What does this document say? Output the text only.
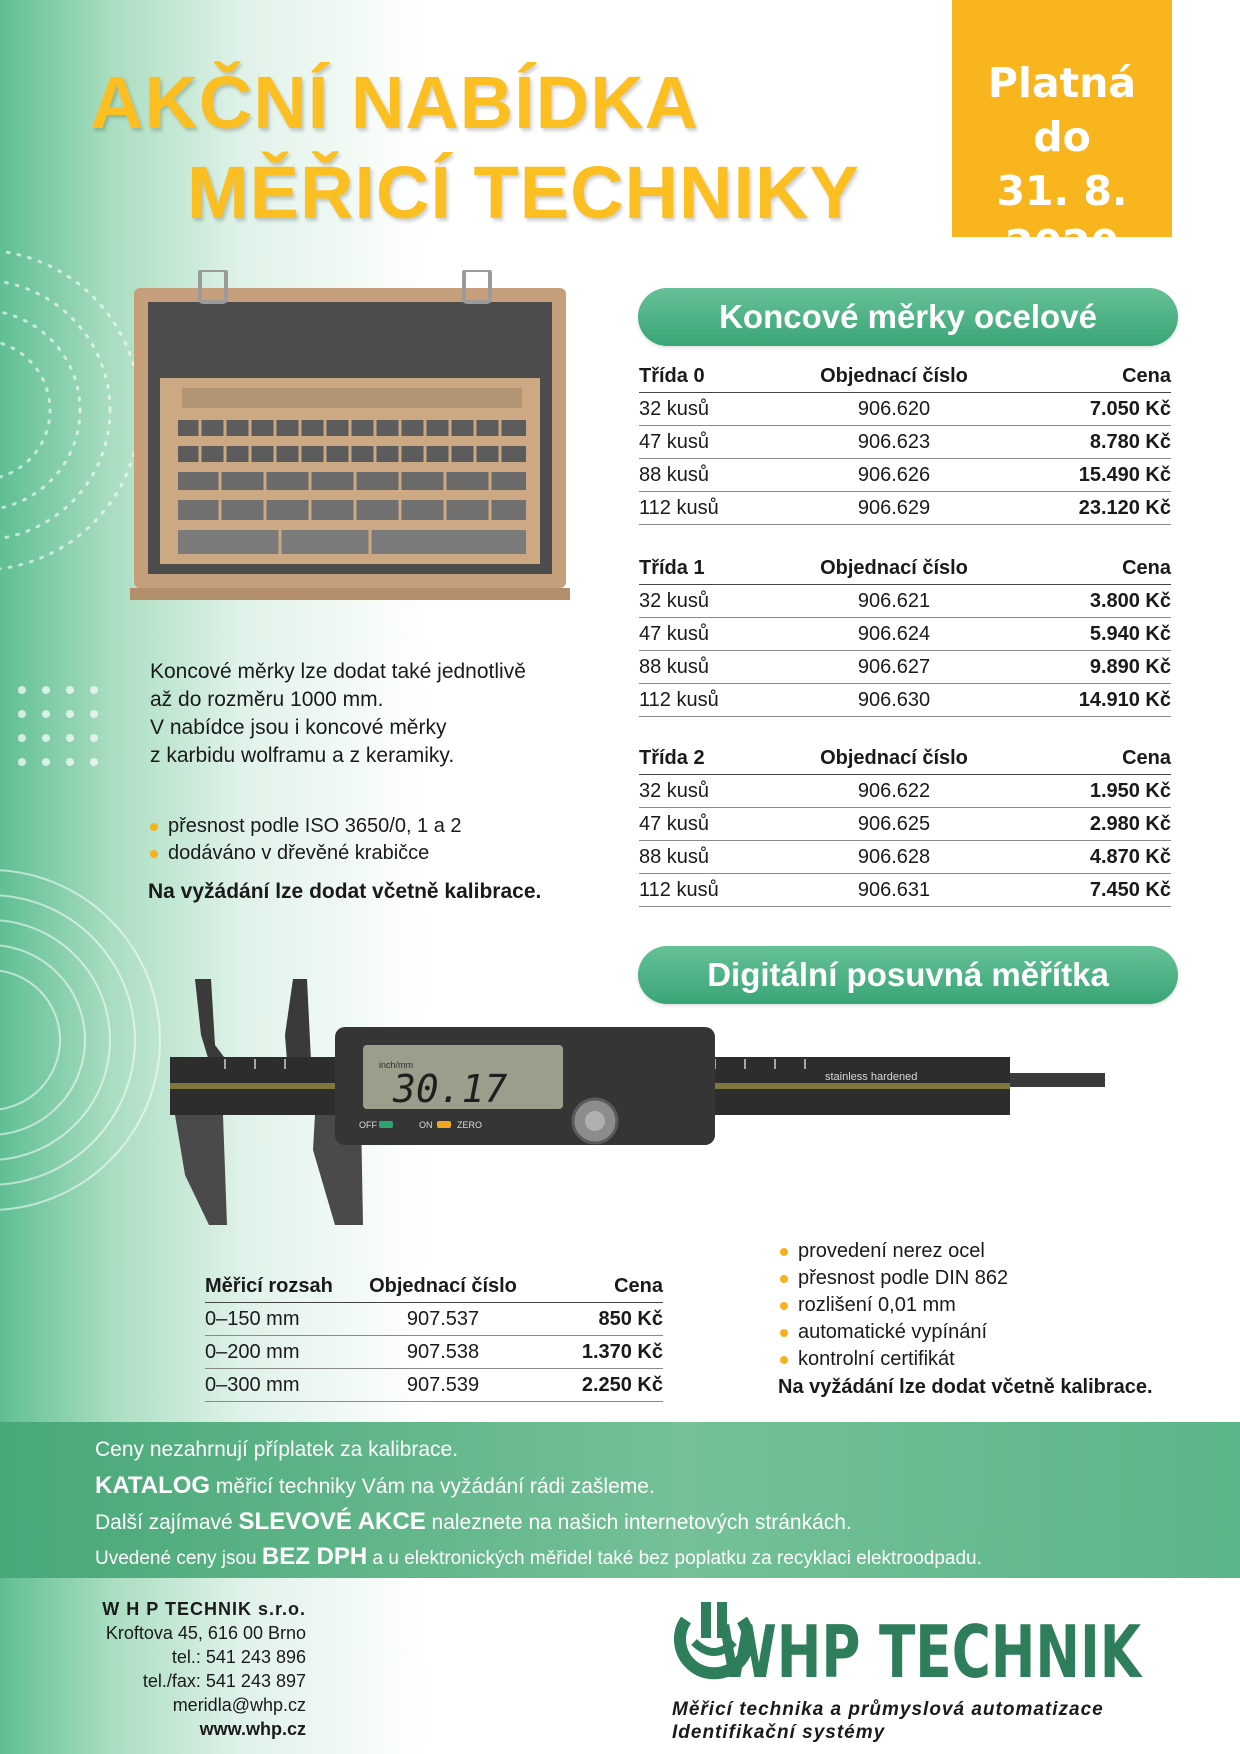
AKČNÍ NABÍDKA
MĚŘICÍ TECHNIKY
Platná
do
31. 8. 2020
Koncové měrky ocelové
Třída 0	Objednací číslo	Cena
32 kusů	906.620	7.050 Kč
47 kusů	906.623	8.780 Kč
88 kusů	906.626	15.490 Kč
112 kusů	906.629	23.120 Kč
Třída 1	Objednací číslo	Cena
32 kusů	906.621	3.800 Kč
47 kusů	906.624	5.940 Kč
88 kusů	906.627	9.890 Kč
112 kusů	906.630	14.910 Kč
Třída 2	Objednací číslo	Cena
32 kusů	906.622	1.950 Kč
47 kusů	906.625	2.980 Kč
88 kusů	906.628	4.870 Kč
112 kusů	906.631	7.450 Kč

Koncové měrky lze dodat také jednotlivě

až do rozměru 1000 mm.

V nabídce jsou i koncové měrky

z karbidu wolframu a z keramiky.

přesnost podle ISO 3650/0, 1 a 2
dodáváno v dřevěné krabičce
Na vyžádání lze dodat včetně kalibrace.
Digitální posuvná měřítka
stainless hardened
inch/mm
30.17
OFF	ON	ZERO
Měřicí rozsah	Objednací číslo	Cena
0–150 mm	907.537	850 Kč
0–200 mm	907.538	1.370 Kč
0–300 mm	907.539	2.250 Kč
provedení nerez ocel
přesnost podle DIN 862
rozlišení 0,01 mm
automatické vypínání
kontrolní certifikát
Na vyžádání lze dodat včetně kalibrace.
Ceny nezahrnují příplatek za kalibrace.
KATALOG měřicí techniky Vám na vyžádání rádi zašleme.
Další zajímavé SLEVOVÉ AKCE naleznete na našich internetových stránkách.
Uvedené ceny jsou BEZ DPH a u elektronických měřidel také bez poplatku za recyklaci elektroodpadu.
W H P TECHNIK s.r.o.
Kroftova 45, 616 00 Brno
tel.: 541 243 896
tel./fax: 541 243 897
meridla@whp.cz
www.whp.cz
WHP TECHNIK
Měřicí technika a průmyslová automatizace
Identifikační systémy
